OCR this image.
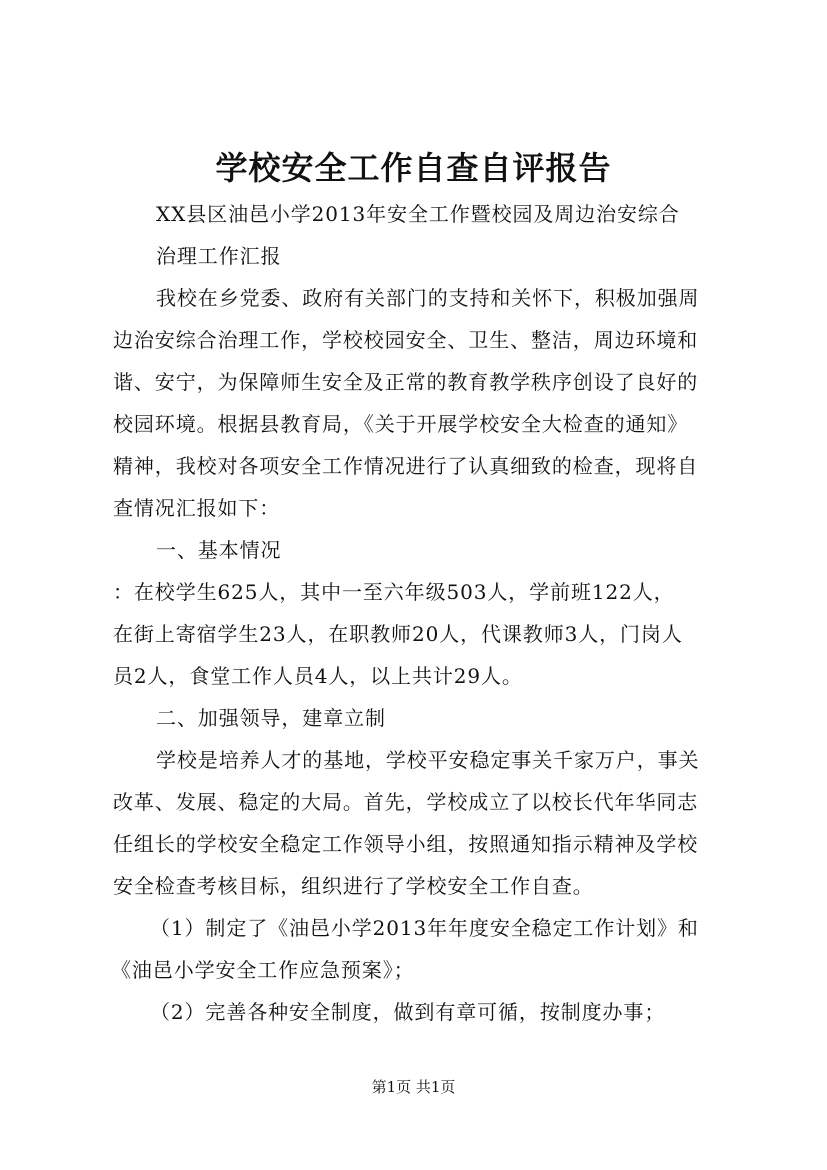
学校安全工作自查自评报告
XX县区油邑小学2013年安全工作暨校园及周边治安综合
治理工作汇报
我校在乡党委、政府有关部门的支持和关怀下，积极加强周
边治安综合治理工作，学校校园安全、卫生、整洁，周边环境和
谐、安宁，为保障师生安全及正常的教育教学秩序创设了良好的
校园环境。根据县教育局，《关于开展学校安全大检查的通知》
精神，我校对各项安全工作情况进行了认真细致的检查，现将自
查情况汇报如下：
一、基本情况
：在校学生625人，其中一至六年级503人，学前班122人，
在街上寄宿学生23人，在职教师20人，代课教师3人，门岗人
员2人，食堂工作人员4人，以上共计29人。
二、加强领导，建章立制
学校是培养人才的基地，学校平安稳定事关千家万户，事关
改革、发展、稳定的大局。首先，学校成立了以校长代年华同志
任组长的学校安全稳定工作领导小组，按照通知指示精神及学校
安全检查考核目标，组织进行了学校安全工作自查。
（1）制定了《油邑小学2013年年度安全稳定工作计划》和
《油邑小学安全工作应急预案》；
（2）完善各种安全制度，做到有章可循，按制度办事；
第1页 共1页
